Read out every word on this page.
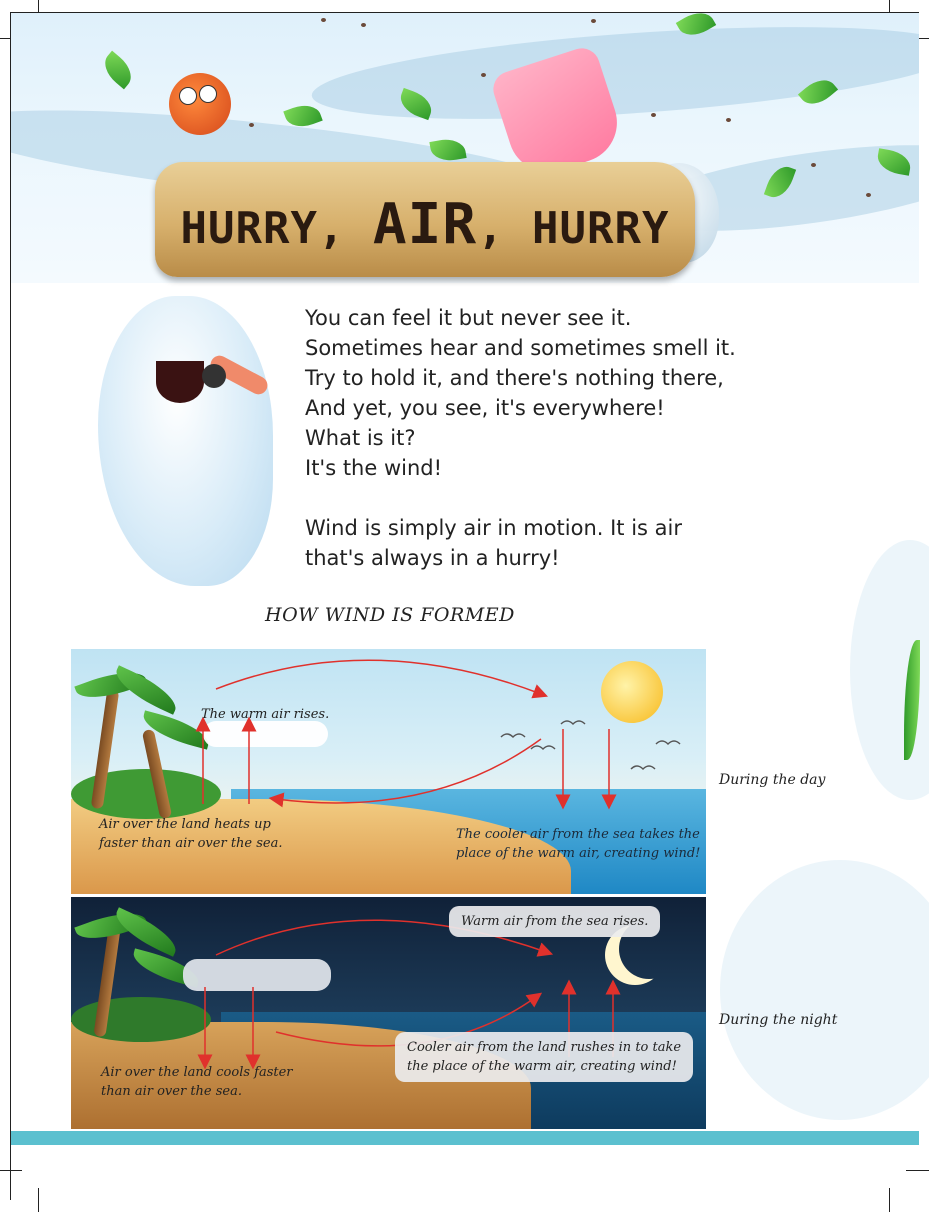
HURRY, AIR, HURRY
You can feel it but never see it.
Sometimes hear and sometimes smell it.
Try to hold it, and there's nothing there,
And yet, you see, it's everywhere!
What is it?
It's the wind!
Wind is simply air in motion. It is air
that's always in a hurry!
HOW WIND IS FORMED
The warm air rises.
Air over the land heats up
faster than air over the sea.
The cooler air from the sea takes the
place of the warm air, creating wind!
Warm air from the sea rises.
Cooler air from the land rushes in to take
the place of the warm air, creating wind!
Air over the land cools faster
than air over the sea.
During the day
During the night
